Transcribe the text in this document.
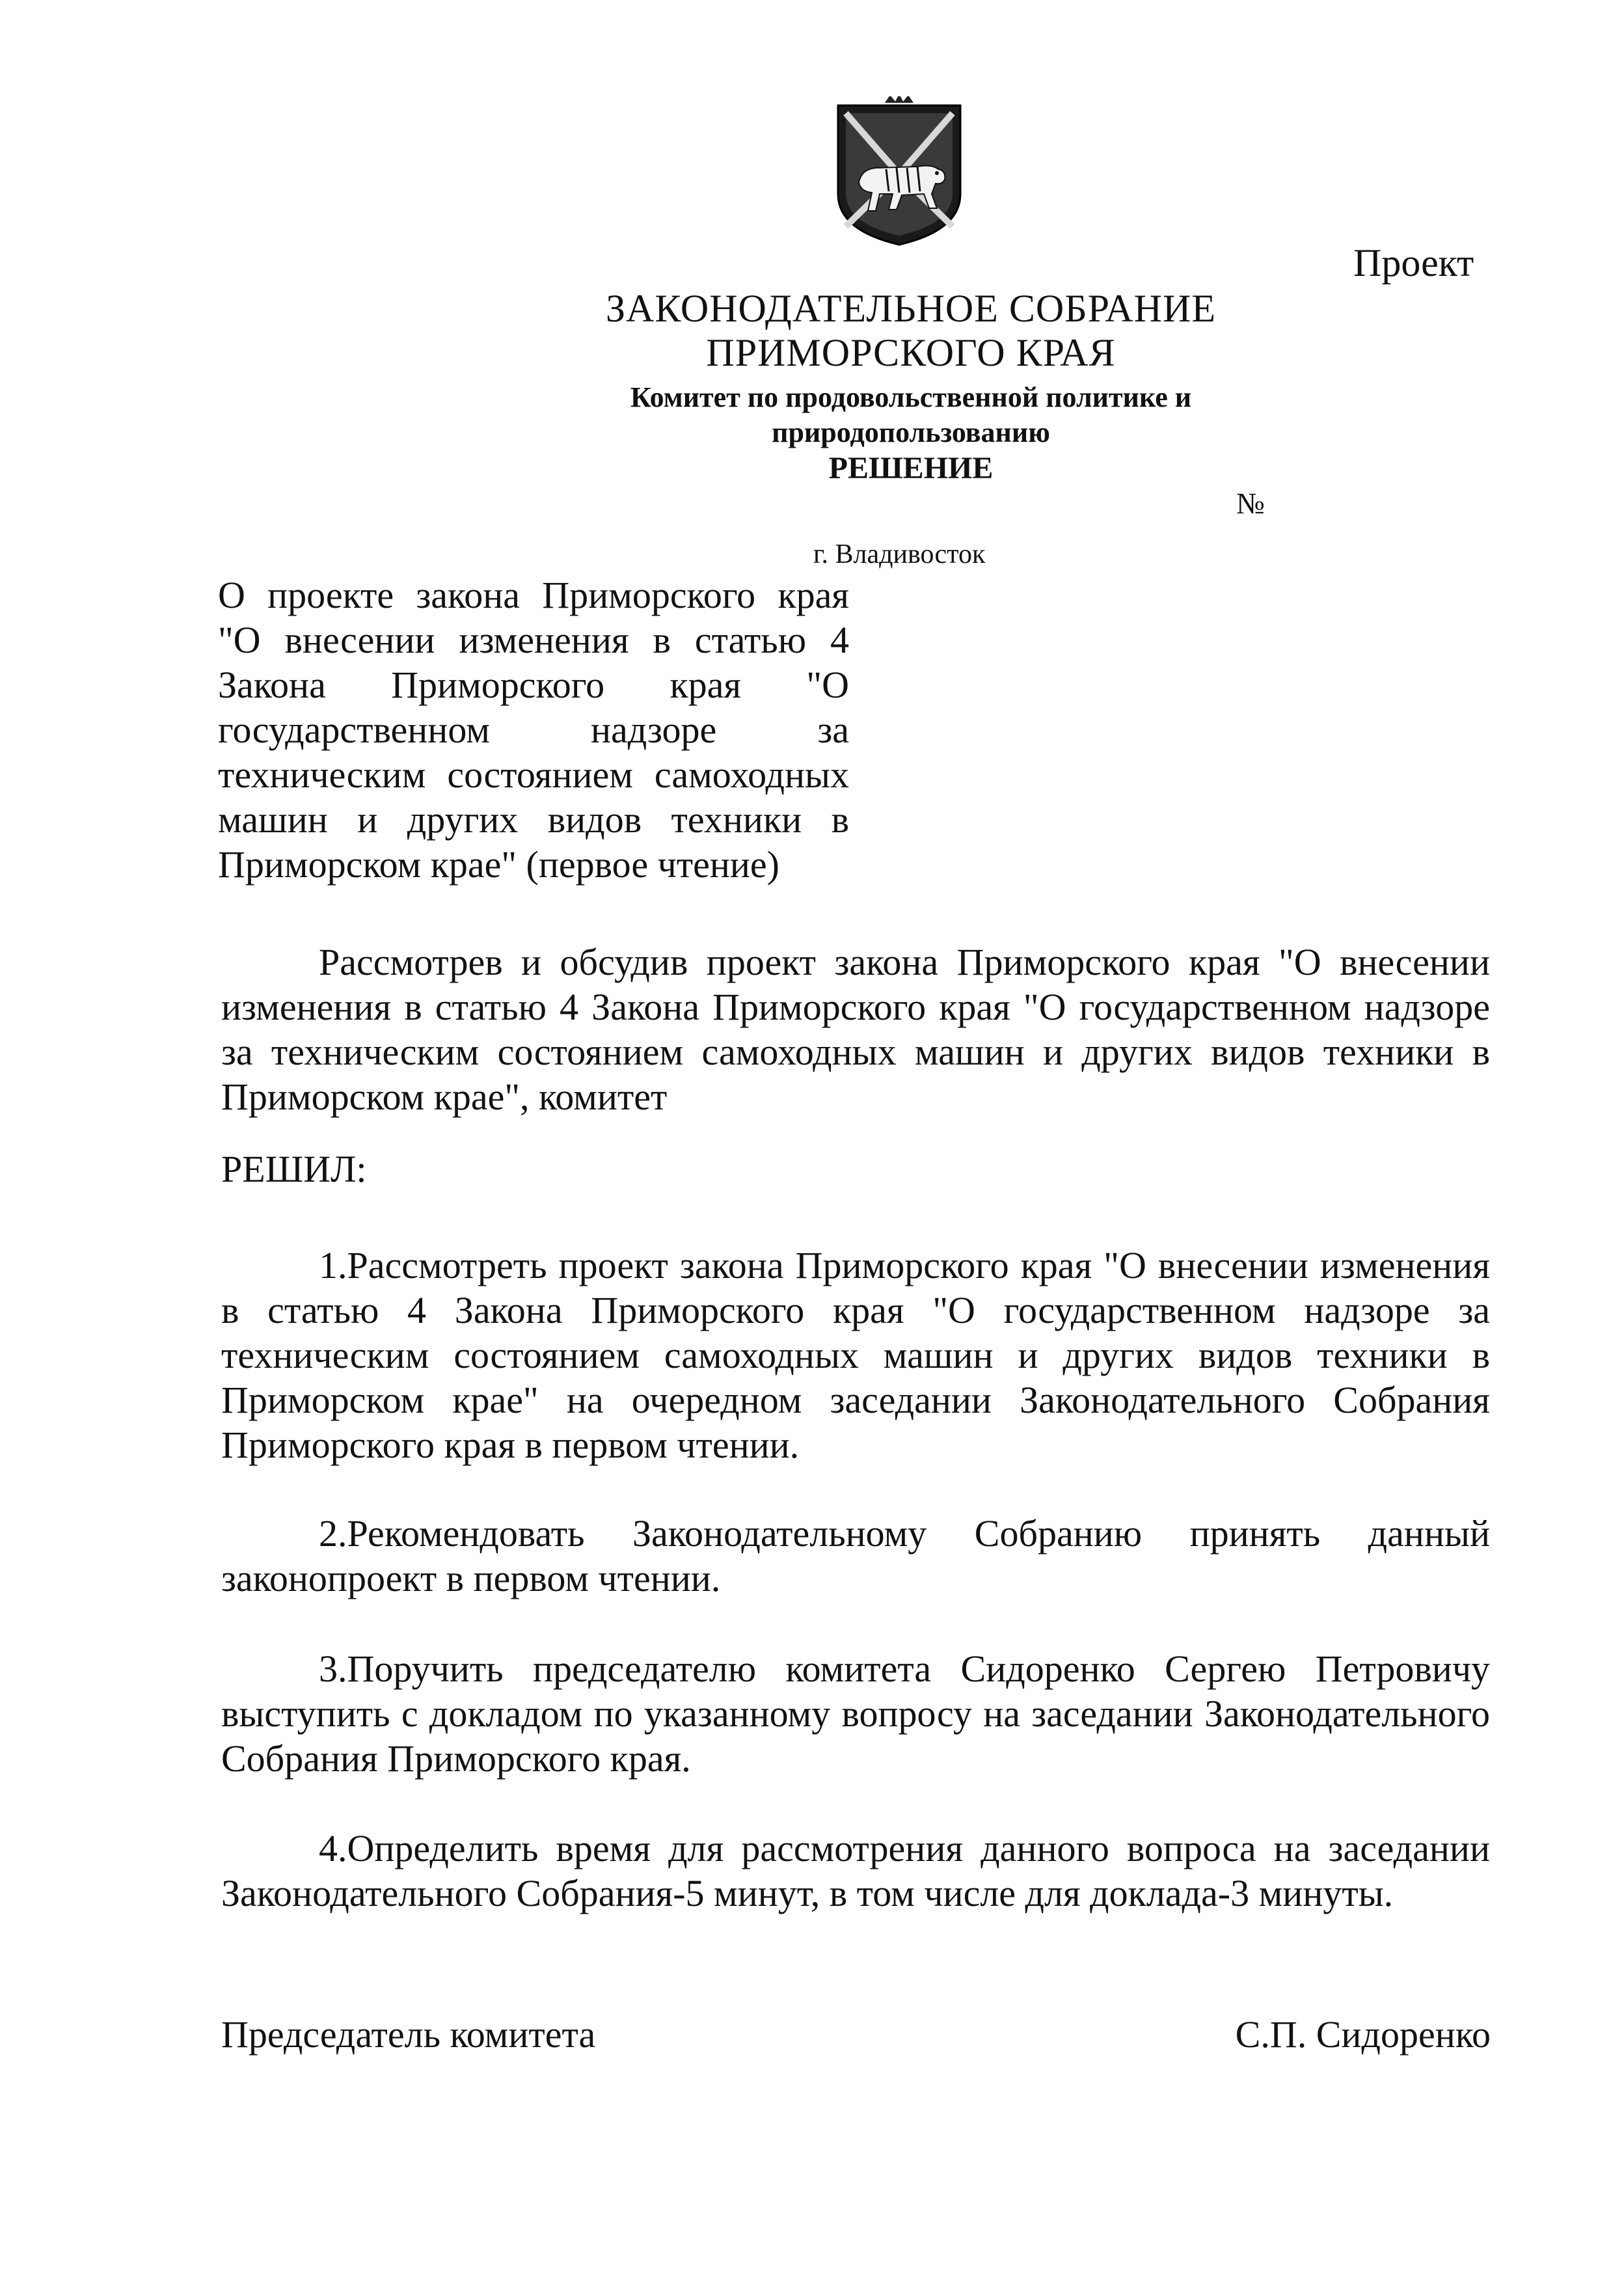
Проект
ЗАКОНОДАТЕЛЬНОЕ СОБРАНИЕ
ПРИМОРСКОГО КРАЯ
Комитет по продовольственной политике и
природопользованию
РЕШЕНИЕ
№
г. Владивосток
О проекте закона Приморского края "О внесении изменения в статью 4 Закона Приморского края "О государственном надзоре за техническим состоянием самоходных машин и других видов техники в Приморском крае" (первое чтение)
Рассмотрев и обсудив проект закона Приморского края "О внесении изменения в статью 4 Закона Приморского края "О государственном надзоре за техническим состоянием самоходных машин и других видов техники в Приморском крае", комитет
РЕШИЛ:
1.Рассмотреть проект закона Приморского края "О внесении изменения в статью 4 Закона Приморского края "О государственном надзоре за техническим состоянием самоходных машин и других видов техники в Приморском крае" на очередном заседании Законодательного Собрания Приморского края в первом чтении.
2.Рекомендовать Законодательному Собранию принять данный законопроект в первом чтении.
3.Поручить председателю комитета Сидоренко Сергею Петровичу выступить с докладом по указанному вопросу на заседании Законодательного Собрания Приморского края.
4.Определить время для рассмотрения данного вопроса на заседании Законодательного Собрания-5 минут, в том числе для доклада-3 минуты.
Председатель комитета	С.П. Сидоренко
